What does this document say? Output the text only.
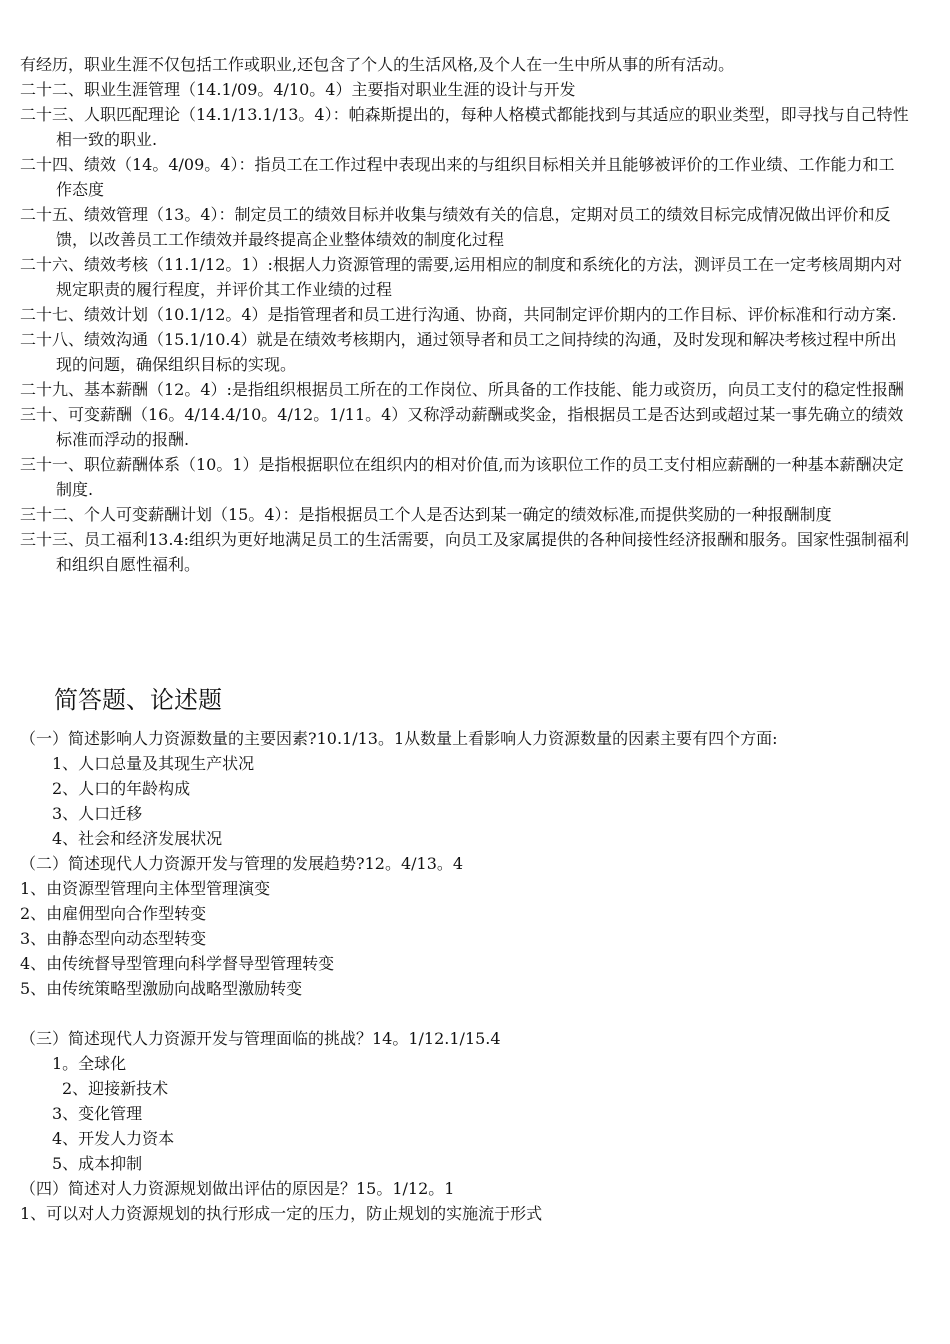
有经历，职业生涯不仅包括工作或职业,还包含了个人的生活风格,及个人在一生中所从事的所有活动。

二十二、职业生涯管理（14.1/09。4/10。4）主要指对职业生涯的设计与开发

二十三、人职匹配理论（14.1/13.1/13。4）：帕森斯提出的，每种人格模式都能找到与其适应的职业类型，即寻找与自己特性相一致的职业.

二十四、绩效（14。4/09。4）：指员工在工作过程中表现出来的与组织目标相关并且能够被评价的工作业绩、工作能力和工作态度

二十五、绩效管理（13。4）：制定员工的绩效目标并收集与绩效有关的信息，定期对员工的绩效目标完成情况做出评价和反馈，以改善员工工作绩效并最终提高企业整体绩效的制度化过程

二十六、绩效考核（11.1/12。1）:根据人力资源管理的需要,运用相应的制度和系统化的方法，测评员工在一定考核周期内对规定职责的履行程度，并评价其工作业绩的过程

二十七、绩效计划（10.1/12。4）是指管理者和员工进行沟通、协商，共同制定评价期内的工作目标、评价标准和行动方案.

二十八、绩效沟通（15.1/10.4）就是在绩效考核期内，通过领导者和员工之间持续的沟通，及时发现和解决考核过程中所出现的问题，确保组织目标的实现。

二十九、基本薪酬（12。4）:是指组织根据员工所在的工作岗位、所具备的工作技能、能力或资历，向员工支付的稳定性报酬

三十、可变薪酬（16。4/14.4/10。4/12。1/11。4）又称浮动薪酬或奖金，指根据员工是否达到或超过某一事先确立的绩效标准而浮动的报酬.

三十一、职位薪酬体系（10。1）是指根据职位在组织内的相对价值,而为该职位工作的员工支付相应薪酬的一种基本薪酬决定制度.

三十二、个人可变薪酬计划（15。4）：是指根据员工个人是否达到某一确定的绩效标准,而提供奖励的一种报酬制度

三十三、员工福利13.4:组织为更好地满足员工的生活需要，向员工及家属提供的各种间接性经济报酬和服务。国家性强制福利和组织自愿性福利。

简答题、论述题

（一）简述影响人力资源数量的主要因素?10.1/13。1从数量上看影响人力资源数量的因素主要有四个方面:

1、人口总量及其现生产状况

2、人口的年龄构成

3、人口迁移

4、社会和经济发展状况

（二）简述现代人力资源开发与管理的发展趋势?12。4/13。4

1、由资源型管理向主体型管理演变

2、由雇佣型向合作型转变

3、由静态型向动态型转变

4、由传统督导型管理向科学督导型管理转变

5、由传统策略型激励向战略型激励转变

（三）简述现代人力资源开发与管理面临的挑战？14。1/12.1/15.4

1。全球化

2、迎接新技术

3、变化管理

4、开发人力资本

5、成本抑制

（四）简述对人力资源规划做出评估的原因是？15。1/12。1

1、可以对人力资源规划的执行形成一定的压力，防止规划的实施流于形式
